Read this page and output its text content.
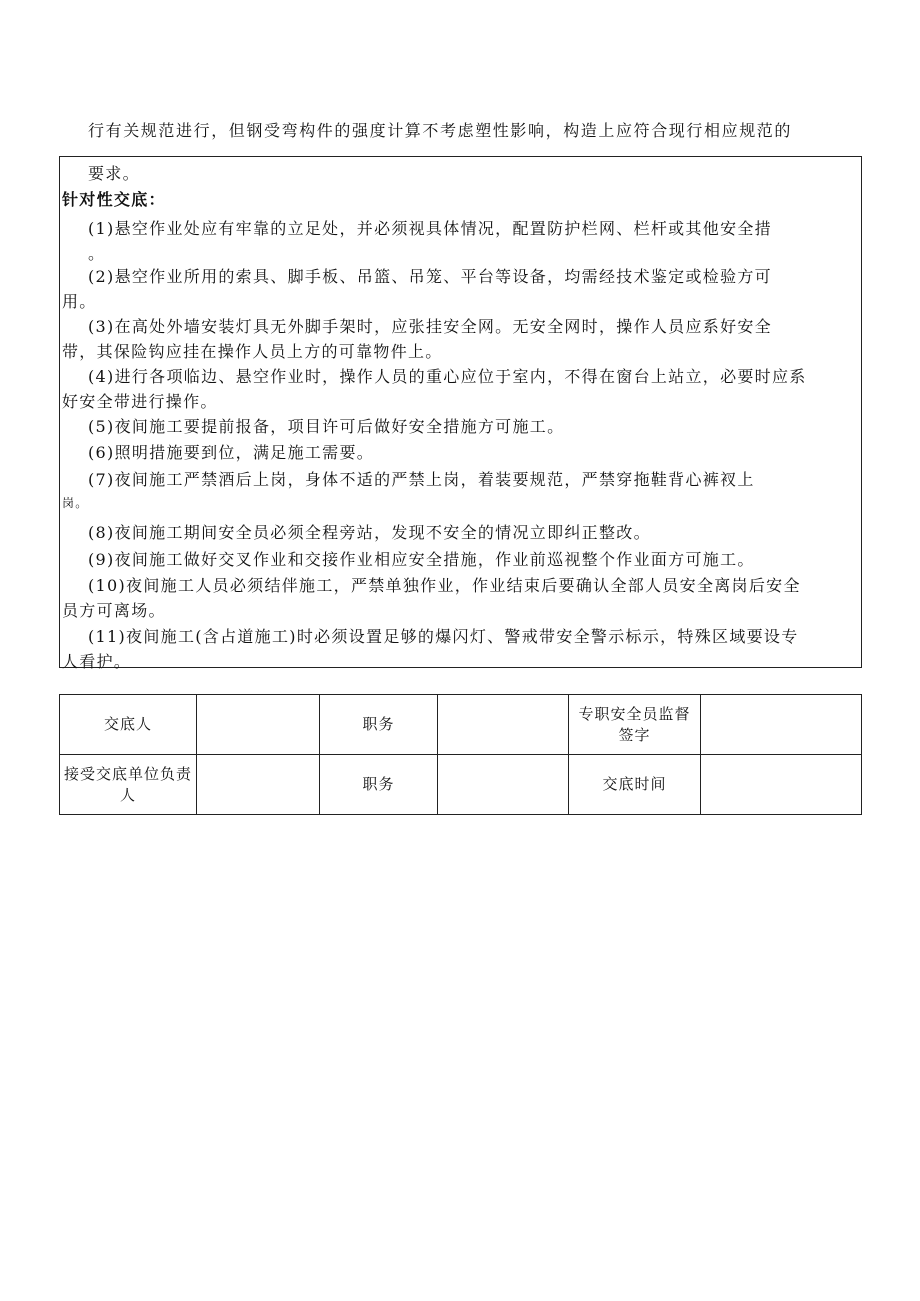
行有关规范进行，但钢受弯构件的强度计算不考虑塑性影响，构造上应符合现行相应规范的
要求。
针对性交底：
(1)悬空作业处应有牢靠的立足处，并必须视具体情况，配置防护栏网、栏杆或其他安全措
。
(2)悬空作业所用的索具、脚手板、吊篮、吊笼、平台等设备，均需经技术鉴定或检验方可
用。
(3)在高处外墙安装灯具无外脚手架时，应张挂安全网。无安全网时，操作人员应系好安全
带，其保险钩应挂在操作人员上方的可靠物件上。
(4)进行各项临边、悬空作业时，操作人员的重心应位于室内，不得在窗台上站立，必要时应系
好安全带进行操作。
(5)夜间施工要提前报备，项目许可后做好安全措施方可施工。
(6)照明措施要到位，满足施工需要。
(7)夜间施工严禁酒后上岗，身体不适的严禁上岗，着装要规范，严禁穿拖鞋背心裤衩上
岗。
(8)夜间施工期间安全员必须全程旁站，发现不安全的情况立即纠正整改。
(9)夜间施工做好交叉作业和交接作业相应安全措施，作业前巡视整个作业面方可施工。
(10)夜间施工人员必须结伴施工，严禁单独作业，作业结束后要确认全部人员安全离岗后安全
员方可离场。
(11)夜间施工(含占道施工)时必须设置足够的爆闪灯、警戒带安全警示标示，特殊区域要设专
人看护。
交底人		职务		专职安全员监督签字	
接受交底单位负责人		职务		交底时间	
